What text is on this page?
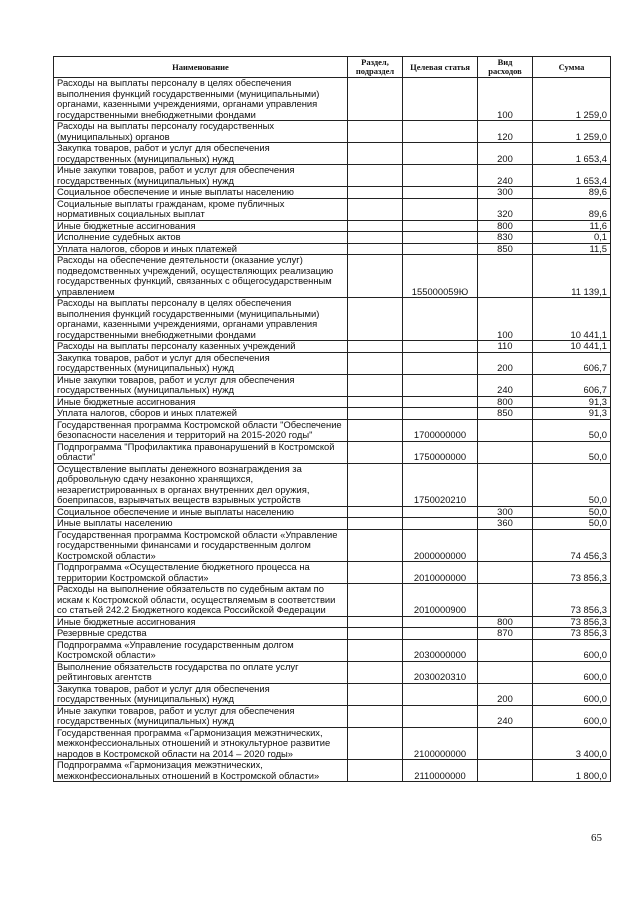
Наименование	Раздел, подраздел	Целевая статья	Вид расходов	Сумма
Расходы на выплаты персоналу в целях обеспечения выполнения функций государственными (муниципальными) органами, казенными учреждениями, органами управления государственными внебюджетными фондами			100	1 259,0
Расходы на выплаты персоналу государственных (муниципальных) органов			120	1 259,0
Закупка товаров, работ и услуг для обеспечения государственных (муниципальных) нужд			200	1 653,4
Иные закупки товаров, работ и услуг для обеспечения государственных (муниципальных) нужд			240	1 653,4
Социальное обеспечение и иные выплаты населению			300	89,6
Социальные выплаты гражданам, кроме публичных нормативных социальных выплат			320	89,6
Иные бюджетные ассигнования			800	11,6
Исполнение судебных актов			830	0,1
Уплата налогов, сборов и иных платежей			850	11,5
Расходы на обеспечение деятельности (оказание услуг) подведомственных учреждений, осуществляющих реализацию государственных функций, связанных с общегосударственным управлением		155000059Ю		11 139,1
Расходы на выплаты персоналу в целях обеспечения выполнения функций государственными (муниципальными) органами, казенными учреждениями, органами управления государственными внебюджетными фондами			100	10 441,1
Расходы на выплаты персоналу казенных учреждений			110	10 441,1
Закупка товаров, работ и услуг для обеспечения государственных (муниципальных) нужд			200	606,7
Иные закупки товаров, работ и услуг для обеспечения государственных (муниципальных) нужд			240	606,7
Иные бюджетные ассигнования			800	91,3
Уплата налогов, сборов и иных платежей			850	91,3
Государственная программа Костромской области "Обеспечение безопасности населения и территорий на 2015-2020 годы"		1700000000		50,0
Подпрограмма "Профилактика правонарушений в Костромской области"		1750000000		50,0
Осуществление выплаты денежного вознаграждения за добровольную сдачу незаконно хранящихся, незарегистрированных в органах внутренних дел оружия, боеприпасов, взрывчатых веществ взрывных устройств		1750020210		50,0
Социальное обеспечение и иные выплаты населению			300	50,0
Иные выплаты населению			360	50,0
Государственная программа Костромской области «Управление государственными финансами и государственным долгом Костромской области»		2000000000		74 456,3
Подпрограмма «Осуществление бюджетного процесса на территории Костромской области»		2010000000		73 856,3
Расходы на выполнение обязательств по судебным актам по искам к Костромской области, осуществляемым в соответствии со статьей 242.2 Бюджетного кодекса Российской Федерации		2010000900		73 856,3
Иные бюджетные ассигнования			800	73 856,3
Резервные средства			870	73 856,3
Подпрограмма «Управление государственным долгом Костромской области»		2030000000		600,0
Выполнение обязательств государства по оплате услуг рейтинговых агентств		2030020310		600,0
Закупка товаров, работ и услуг для обеспечения государственных (муниципальных) нужд			200	600,0
Иные закупки товаров, работ и услуг для обеспечения государственных (муниципальных) нужд			240	600,0
Государственная программа «Гармонизация межэтнических, межконфессиональных отношений и этнокультурное развитие народов в Костромской области на 2014 – 2020 годы»		2100000000		3 400,0
Подпрограмма «Гармонизация межэтнических, межконфессиональных отношений в Костромской области»		2110000000		1 800,0
65
